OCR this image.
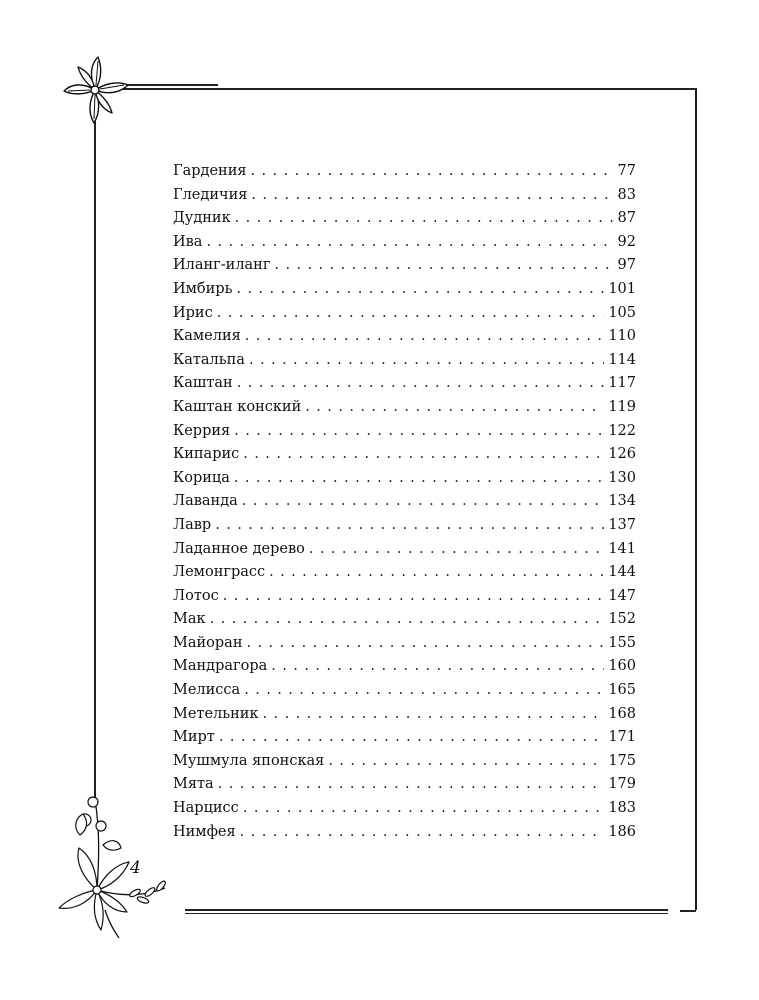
Гардения . . .	77
Гледичия . . .	83
Дудник . . .	87
Ива . . .	92
Иланг-иланг . . .	97
Имбирь . . .	101
Ирис . . .	105
Камелия . . .	110
Катальпа . . .	114
Каштан . . .	117
Каштан конский . . .	119
Керрия . . .	122
Кипарис . . .	126
Корица . . .	130
Лаванда . . .	134
Лавр . . .	137
Ладанное дерево . . .	141
Лемонграсс . . .	144
Лотос . . .	147
Мак . . .	152
Майоран . . .	155
Мандрагора . . .	160
Мелисса . . .	165
Метельник . . .	168
Мирт . . .	171
Мушмула японская . . .	175
Мята . . .	179
Нарцисс . . .	183
Нимфея . . .	186
4
